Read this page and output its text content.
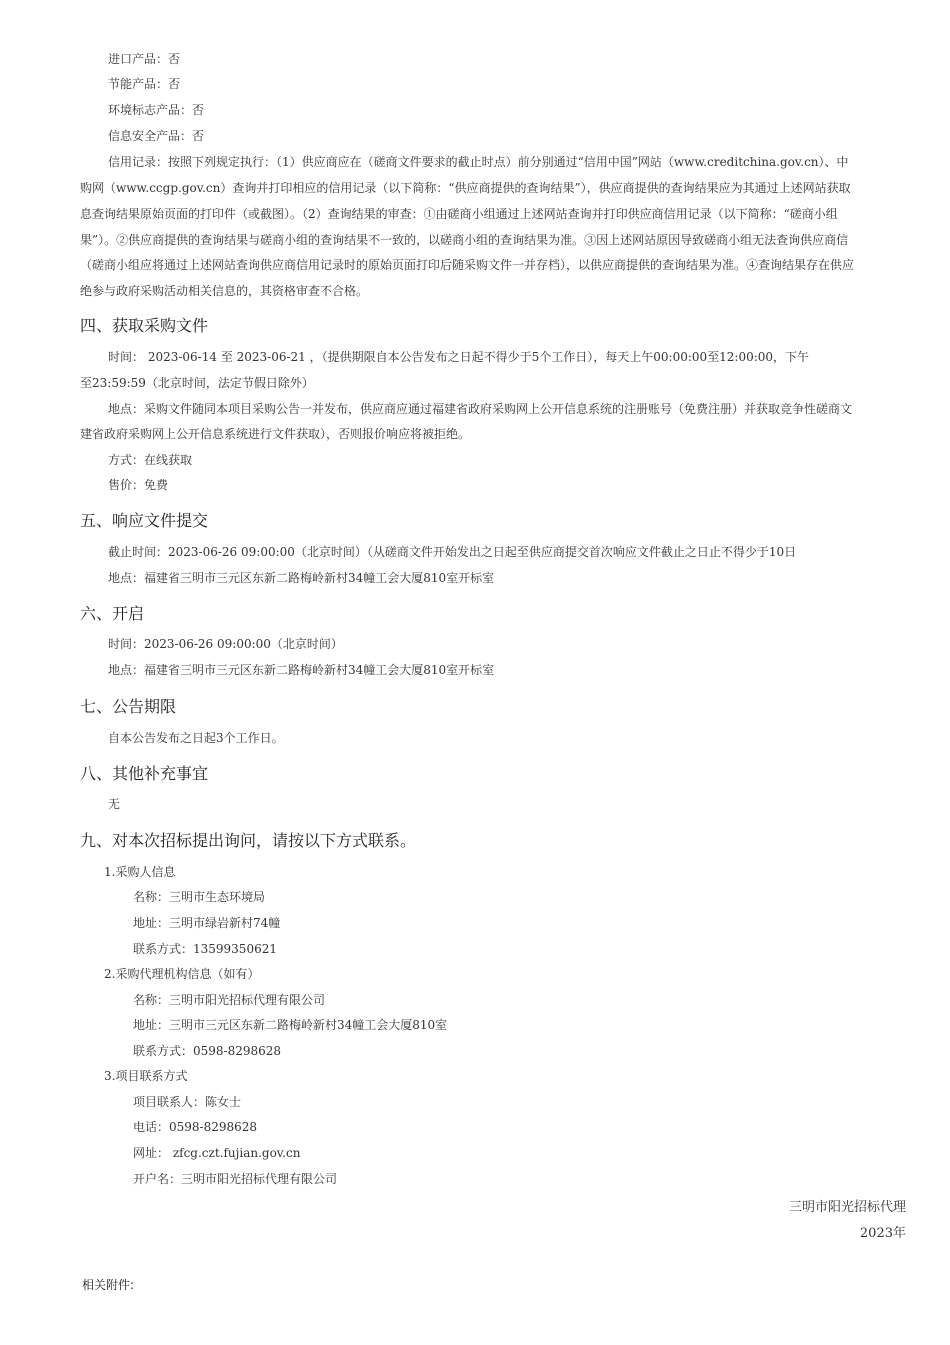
进口产品：否
节能产品：否
环境标志产品：否
信息安全产品：否
信用记录：按照下列规定执行：（1）供应商应在（磋商文件要求的截止时点）前分别通过“信用中国”网站（www.creditchina.gov.cn）、中
购网（www.ccgp.gov.cn）查询并打印相应的信用记录（以下简称：“供应商提供的查询结果”），供应商提供的查询结果应为其通过上述网站获取
息查询结果原始页面的打印件（或截图）。（2）查询结果的审查：①由磋商小组通过上述网站查询并打印供应商信用记录（以下简称：“磋商小组
果”）。②供应商提供的查询结果与磋商小组的查询结果不一致的，以磋商小组的查询结果为准。③因上述网站原因导致磋商小组无法查询供应商信
（磋商小组应将通过上述网站查询供应商信用记录时的原始页面打印后随采购文件一并存档），以供应商提供的查询结果为准。④查询结果存在供应
绝参与政府采购活动相关信息的，其资格审查不合格。
四、获取采购文件
时间： 2023-06-14 至 2023-06-21 ，（提供期限自本公告发布之日起不得少于5个工作日），每天上午00:00:00至12:00:00，下午
至23:59:59（北京时间，法定节假日除外）
地点：采购文件随同本项目采购公告一并发布，供应商应通过福建省政府采购网上公开信息系统的注册账号（免费注册）并获取竞争性磋商文
建省政府采购网上公开信息系统进行文件获取），否则报价响应将被拒绝。
方式：在线获取
售价：免费
五、响应文件提交
截止时间：2023-06-26 09:00:00（北京时间）（从磋商文件开始发出之日起至供应商提交首次响应文件截止之日止不得少于10日
地点：福建省三明市三元区东新二路梅岭新村34幢工会大厦810室开标室
六、开启
时间：2023-06-26 09:00:00（北京时间）
地点：福建省三明市三元区东新二路梅岭新村34幢工会大厦810室开标室
七、公告期限
自本公告发布之日起3个工作日。
八、其他补充事宜
无
九、对本次招标提出询问，请按以下方式联系。
1.采购人信息
名称：三明市生态环境局
地址：三明市绿岩新村74幢
联系方式：13599350621
2.采购代理机构信息（如有）
名称：三明市阳光招标代理有限公司
地址：三明市三元区东新二路梅岭新村34幢工会大厦810室
联系方式：0598-8298628
3.项目联系方式
项目联系人：陈女士
电话：0598-8298628
网址： zfcg.czt.fujian.gov.cn
开户名：三明市阳光招标代理有限公司
三明市阳光招标代理
2023年
相关附件:
